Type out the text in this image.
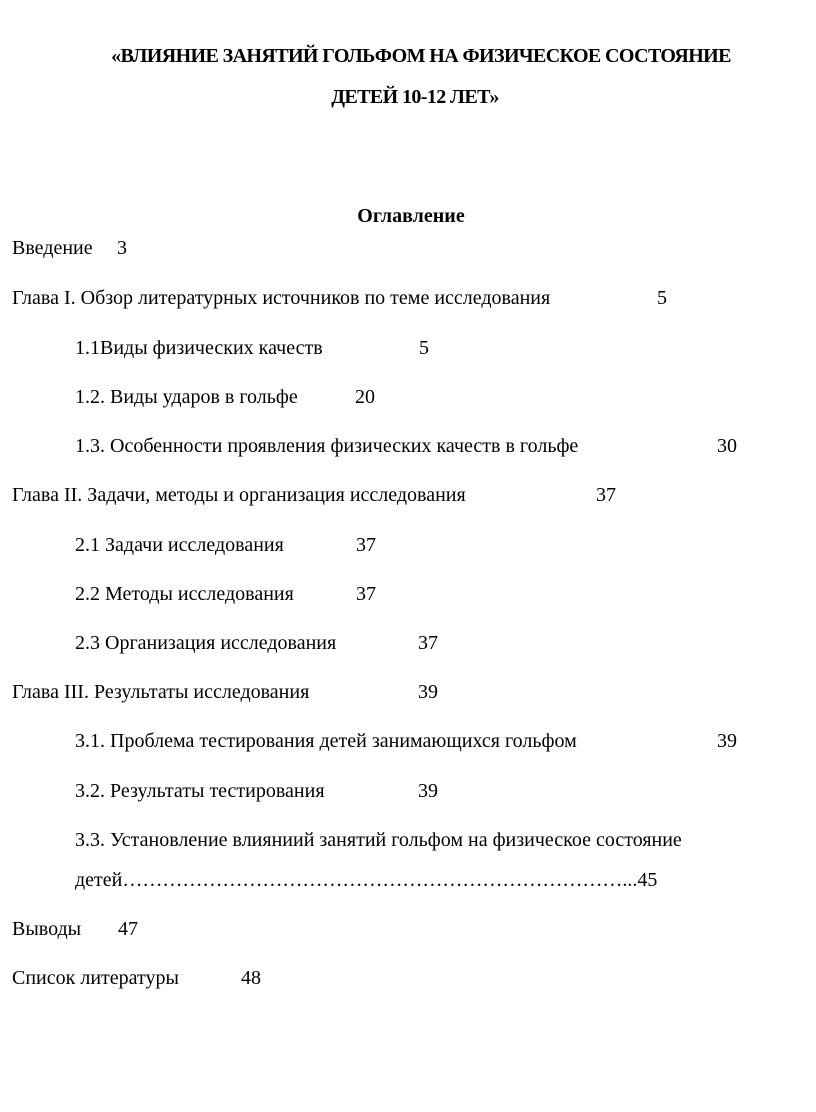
«ВЛИЯНИЕ ЗАНЯТИЙ ГОЛЬФОМ НА ФИЗИЧЕСКОЕ СОСТОЯНИЕ
ДЕТЕЙ 10-12 ЛЕТ»
Оглавление
Введение 3
Глава I. Обзор литературных источников по теме исследования	5
1.1Виды физических качеств	5
1.2. Виды ударов в гольфе	20
1.3. Особенности проявления физических качеств в гольфе	30
Глава II. Задачи, методы и организация исследования	37
2.1 Задачи исследования	37
2.2 Методы исследования	37
2.3 Организация исследования	37
Глава III. Результаты исследования	39
3.1. Проблема тестирования детей занимающихся гольфом	39
3.2. Результаты тестирования	39
3.3. Установление влияниий занятий гольфом на физическое состояние
детей…………………………………………………………………...45
Выводы 47
Список литературы	48
